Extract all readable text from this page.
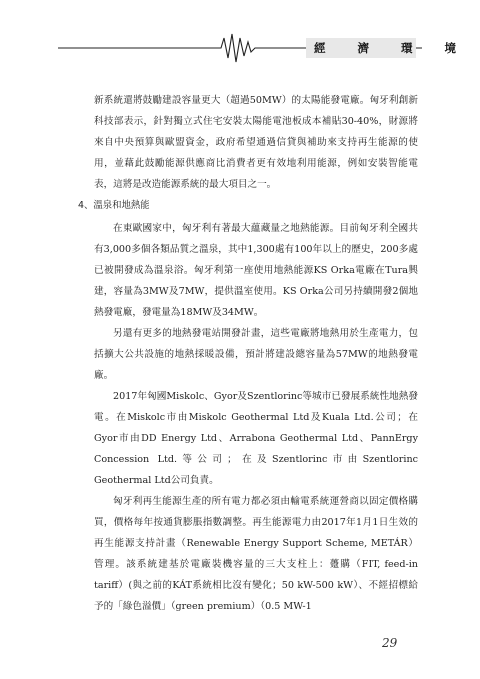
經 濟 環 境

新系統還將鼓勵建設容量更大（超過50MW）的太陽能發電廠。匈牙利創新科技部表示，針對獨立式住宅安裝太陽能電池板成本補貼30-40%，財源將來自中央預算與歐盟資金，政府希望通過信貸與補助來支持再生能源的使用，並藉此鼓勵能源供應商比消費者更有效地利用能源，例如安裝智能電表，這將是改造能源系統的最大項目之一。

4、溫泉和地熱能

在東歐國家中，匈牙利有著最大蘊藏量之地熱能源。目前匈牙利全國共有3,000多個各類品質之溫泉，其中1,300處有100年以上的歷史，200多處已被開發成為溫泉浴。匈牙利第一座使用地熱能源KS Orka電廠在Tura興建，容量為3MW及7MW，提供溫室使用。KS Orka公司另持續開發2個地熱發電廠，發電量為18MW及34MW。

另還有更多的地熱發電站開發計畫，這些電廠將地熱用於生產電力，包括擴大公共設施的地熱採暖設備，預計將建設總容量為57MW的地熱發電廠。

2017年匈國Miskolc、Gyor及Szentlorinc等城市已發展系統性地熱發電。在Miskolc市由Miskolc Geothermal Ltd及Kuala Ltd.公司；在Gyor市由DD Energy Ltd、Arrabona Geothermal Ltd、PannErgy Concession Ltd.等公司；在及Szentlorinc市由Szentlorinc Geothermal Ltd公司負責。

匈牙利再生能源生產的所有電力都必須由輸電系統運營商以固定價格購買，價格每年按通貨膨脹指數調整。再生能源電力由2017年1月1日生效的再生能源支持計畫（Renewable Energy Support Scheme, METÁR）管理。該系統建基於電廠裝機容量的三大支柱上：躉購（FIT, feed-in tariff）(與之前的KÁT系統相比沒有變化；50 kW-500 kW）、不經招標給予的「綠色溢價」（green premium）（0.5 MW-1

29
